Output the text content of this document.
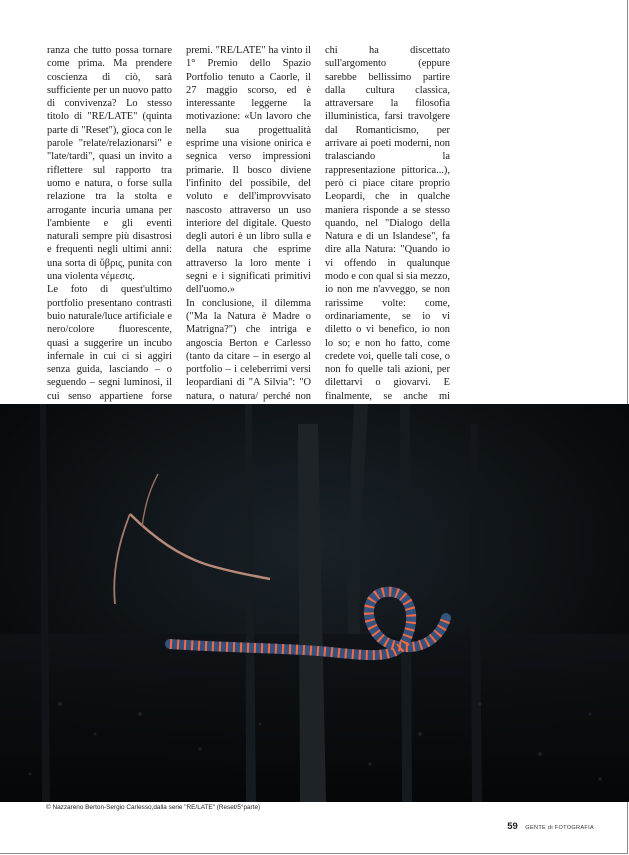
ranza che tutto possa tornare come prima. Ma prendere coscienza di ciò, sarà sufficiente per un nuovo patto di convivenza? Lo stesso titolo di "RE/LATE" (quinta parte di "Reset"), gioca con le parole "relate/relazionarsi" e "late/tardi", quasi un invito a riflettere sul rapporto tra uomo e natura, o forse sulla relazione tra la stolta e arrogante incuria umana per l'ambiente e gli eventi naturali sempre più disastrosi e frequenti negli ultimi anni: una sorta di ὕβρις, punita con una violenta νέμεσις.

Le foto di quest'ultimo portfolio presentano contrasti buio naturale/luce artificiale e nero/colore fluorescente, quasi a suggerire un incubo infernale in cui ci si aggiri senza guida, lasciando – o seguendo – segni luminosi, il cui senso appartiene forse

premi. "RE/LATE" ha vinto il 1° Premio dello Spazio Portfolio tenuto a Caorle, il 27 maggio scorso, ed è interessante leggerne la motivazione: «Un lavoro che nella sua progettualità esprime una visione onirica e segnica verso impressioni primarie. Il bosco diviene l'infinito del possibile, del voluto e dell'improvvisato nascosto attraverso un uso interiore del digitale. Questo degli autori è un libro sulla e della natura che esprime attraverso la loro mente i segni e i significati primitivi dell'uomo.»

In conclusione, il dilemma ("Ma la Natura è Madre o Matrigna?") che intriga e angoscia Berton e Carlesso (tanto da citare – in esergo al portfolio – i celeberrimi versi leopardiani di "A Silvia": "O natura, o natura/ perché non

chi ha discettato sull'argomento (eppure sarebbe bellissimo partire dalla cultura classica, attraversare la filosofia illuministica, farsi travolgere dal Romanticismo, per arrivare ai poeti moderni, non tralasciando la rappresentazione pittorica...), però ci piace citare proprio Leopardi, che in qualche maniera risponde a se stesso quando, nel "Dialogo della Natura e di un Islandese", fa dire alla Natura: "Quando io vi offendo in qualunque modo e con qual si sia mezzo, io non me n'avveggo, se non rarissime volte: come, ordinariamente, se io vi diletto o vi benefico, io non lo so; e non ho fatto, come credete voi, quelle tali cose, o non fo quelle tali azioni, per dilettarvi o giovarvi. E finalmente, se anche mi

© Nazzareno Berton-Sergio Carlesso,dalla serie "RE/LATE" (Reset/5°parte)
59 GENTE di FOTOGRAFIA
